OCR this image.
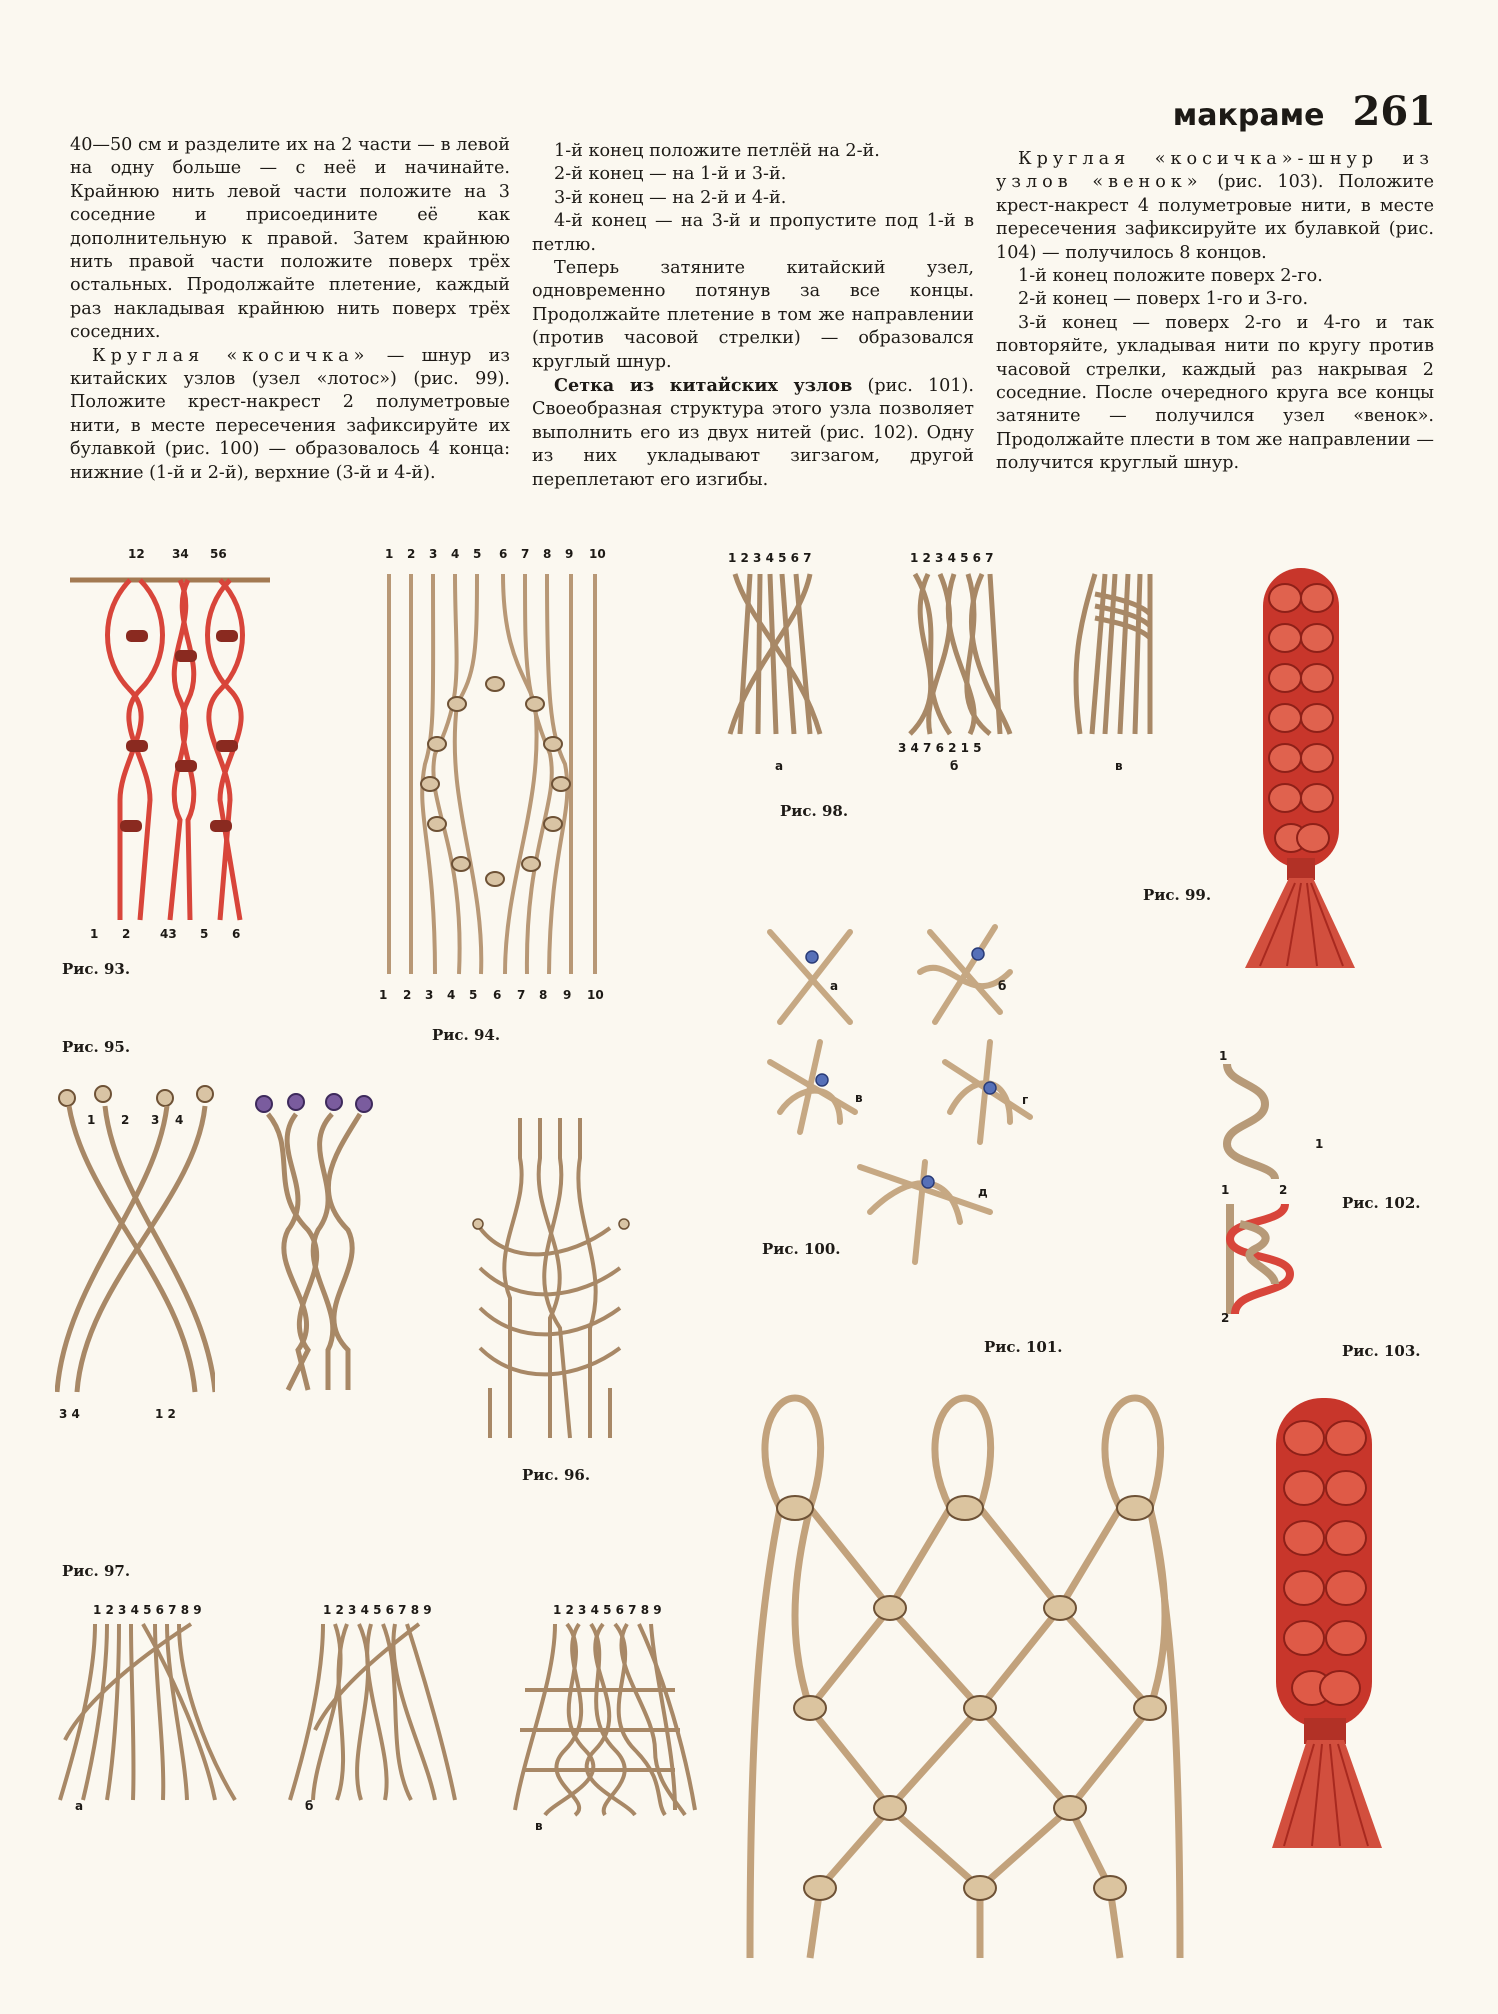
макраме 261

40—50 см и разделите их на 2 части — в левой на одну больше — с неё и начинайте. Крайнюю нить левой части положите на 3 соседние и присоедините её как дополнительную к правой. Затем крайнюю нить правой части положите поверх трёх остальных. Продолжайте плетение, каждый раз накладывая крайнюю нить поверх трёх соседних.

Круглая «косичка» — шнур из китайских узлов (узел «лотос») (рис. 99). Положите крест-накрест 2 полуметровые нити, в месте пересечения зафиксируйте их булавкой (рис. 100) — образовалось 4 конца: нижние (1-й и 2-й), верхние (3-й и 4-й).

1-й конец положите петлёй на 2-й.

2-й конец — на 1-й и 3-й.

3-й конец — на 2-й и 4-й.

4-й конец — на 3-й и пропустите под 1-й в петлю.

Теперь затяните китайский узел, одновременно потянув за все концы. Продолжайте плетение в том же направлении (против часовой стрелки) — образовался круглый шнур.

Сетка из китайских узлов (рис. 101). Своеобразная структура этого узла позволяет выполнить его из двух нитей (рис. 102). Одну из них укладывают зигзагом, другой переплетают его изгибы.

Круглая «косичка»-шнур из узлов «венок» (рис. 103). Положите крест-накрест 4 полуметровые нити, в месте пересечения зафиксируйте их булавкой (рис. 104) — получилось 8 концов.

1-й конец положите поверх 2-го.

2-й конец — поверх 1-го и 3-го.

3-й конец — поверх 2-го и 4-го и так повторяйте, укладывая нити по кругу против часовой стрелки, каждый раз накрывая 2 соседние. После очередного круга все концы затяните — получился узел «венок». Продолжайте плести в том же направлении — получится круглый шнур.

12 34 56
1 2 43 5 6
Рис. 93.
Рис. 95.
1 2 3 4 5 6 7 8 9 10
1 2 3 4 5 6 7 8 9 10
Рис. 94.
1 2 3 4 5 6 7	1 2 3 4 5 6 7
3 4 7 6 2 1 5
а	б	в
Рис. 98.
Рис. 99.
1 2 3 4
3 4	1 2
Рис. 96.
а	б
в	г
д
Рис. 100.
1
1
1	2
2
Рис. 102.
Рис. 101.	Рис. 103.
Рис. 97.
1 2 3 4 5 6 7 8 9	1 2 3 4 5 6 7 8 9	1 2 3 4 5 6 7 8 9
а	б
в
